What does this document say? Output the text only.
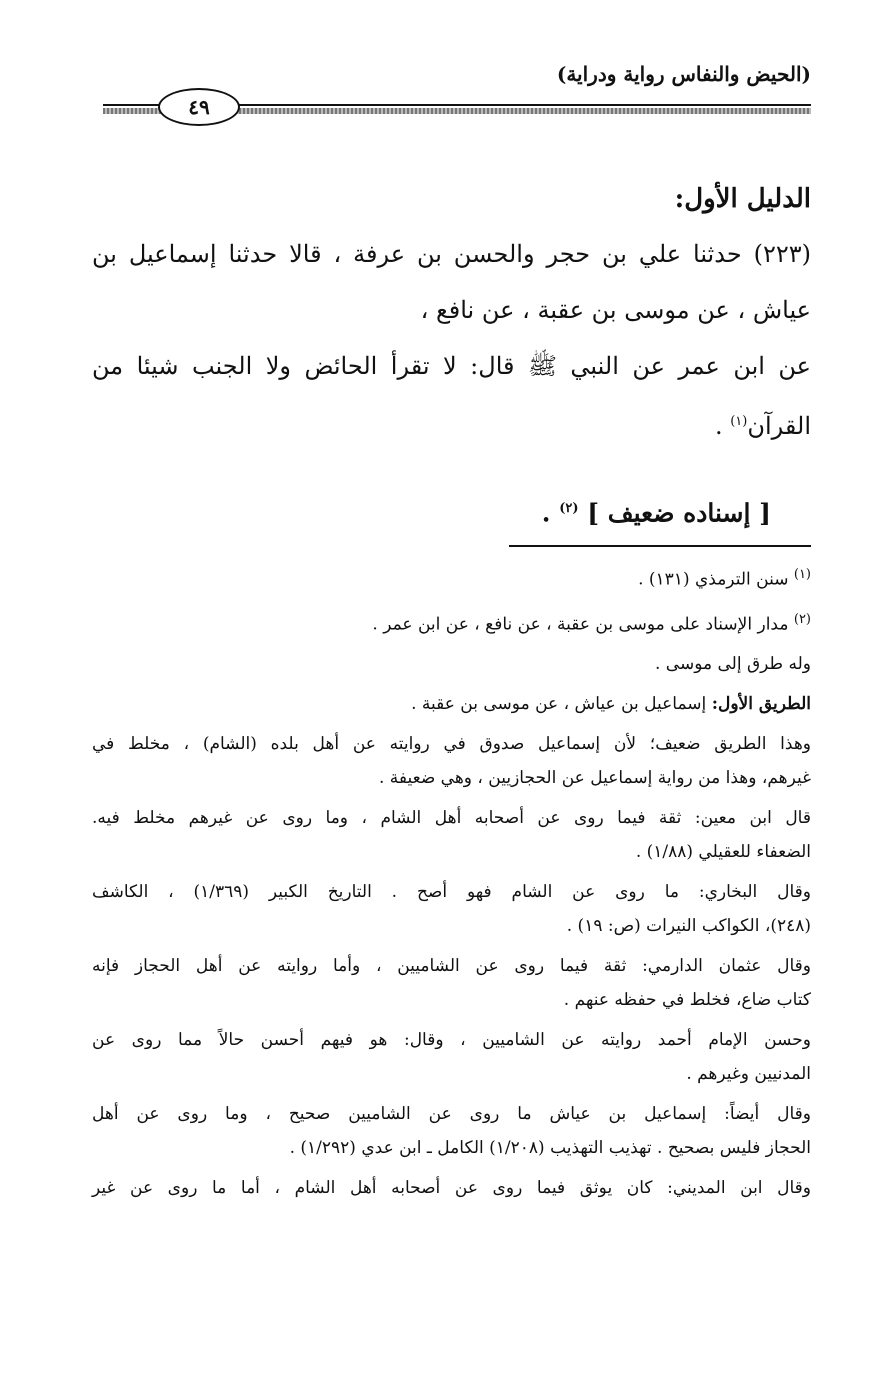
(الحيض والنفاس رواية ودراية)
٤٩

الدليل الأول:

(٢٢٣) حدثنا علي بن حجر والحسن بن عرفة ، قالا حدثنا إسماعيل بن

عياش ، عن موسى بن عقبة ، عن نافع ،

عن ابن عمر عن النبي ﷺ قال: لا تقرأ الحائض ولا الجنب شيئا من

القرآن$^{(١)}$ .

[ إسناده ضعيف ] $^{(٢)}$ .

$^{(١)}$ سنن الترمذي (١٣١) .

$^{(٢)}$ مدار الإسناد على موسى بن عقبة ، عن نافع ، عن ابن عمر .

وله طرق إلى موسى .

الطريق الأول: إسماعيل بن عياش ، عن موسى بن عقبة .

وهذا الطريق ضعيف؛ لأن إسماعيل صدوق في روايته عن أهل بلده (الشام) ، مخلط في

غيرهم، وهذا من رواية إسماعيل عن الحجازيين ، وهي ضعيفة .

قال ابن معين: ثقة فيما روى عن أصحابه أهل الشام ، وما روى عن غيرهم مخلط فيه.

الضعفاء للعقيلي (١/٨٨) .

وقال البخاري: ما روى عن الشام فهو أصح . التاريخ الكبير (١/٣٦٩) ، الكاشف

(٢٤٨)، الكواكب النيرات (ص: ١٩) .

وقال عثمان الدارمي: ثقة فيما روى عن الشاميين ، وأما روايته عن أهل الحجاز فإنه

كتاب ضاع، فخلط في حفظه عنهم .

وحسن الإمام أحمد روايته عن الشاميين ، وقال: هو فيهم أحسن حالاً مما روى عن

المدنيين وغيرهم .

وقال أيضاً: إسماعيل بن عياش ما روى عن الشاميين صحيح ، وما روى عن أهل

الحجاز فليس بصحيح . تهذيب التهذيب (١/٢٠٨) الكامل ـ ابن عدي (١/٢٩٢) .

وقال ابن المديني: كان يوثق فيما روى عن أصحابه أهل الشام ، أما ما روى عن غير
